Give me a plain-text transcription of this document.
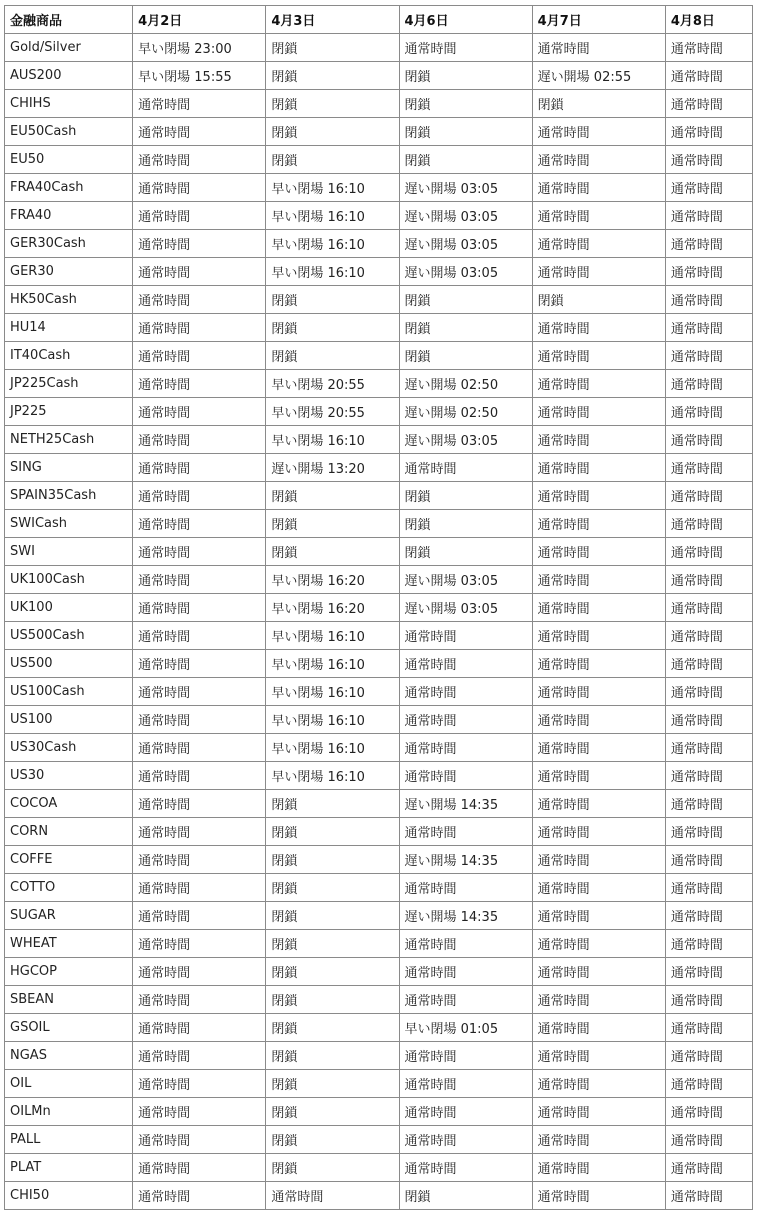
金融商品	4月2日	4月3日	4月6日	4月7日	4月8日
Gold/Silver	早い閉場 23:00	閉鎖	通常時間	通常時間	通常時間
AUS200	早い閉場 15:55	閉鎖	閉鎖	遅い開場 02:55	通常時間
CHIHS	通常時間	閉鎖	閉鎖	閉鎖	通常時間
EU50Cash	通常時間	閉鎖	閉鎖	通常時間	通常時間
EU50	通常時間	閉鎖	閉鎖	通常時間	通常時間
FRA40Cash	通常時間	早い閉場 16:10	遅い開場 03:05	通常時間	通常時間
FRA40	通常時間	早い閉場 16:10	遅い開場 03:05	通常時間	通常時間
GER30Cash	通常時間	早い閉場 16:10	遅い開場 03:05	通常時間	通常時間
GER30	通常時間	早い閉場 16:10	遅い開場 03:05	通常時間	通常時間
HK50Cash	通常時間	閉鎖	閉鎖	閉鎖	通常時間
HU14	通常時間	閉鎖	閉鎖	通常時間	通常時間
IT40Cash	通常時間	閉鎖	閉鎖	通常時間	通常時間
JP225Cash	通常時間	早い閉場 20:55	遅い開場 02:50	通常時間	通常時間
JP225	通常時間	早い閉場 20:55	遅い開場 02:50	通常時間	通常時間
NETH25Cash	通常時間	早い閉場 16:10	遅い開場 03:05	通常時間	通常時間
SING	通常時間	遅い開場 13:20	通常時間	通常時間	通常時間
SPAIN35Cash	通常時間	閉鎖	閉鎖	通常時間	通常時間
SWICash	通常時間	閉鎖	閉鎖	通常時間	通常時間
SWI	通常時間	閉鎖	閉鎖	通常時間	通常時間
UK100Cash	通常時間	早い閉場 16:20	遅い開場 03:05	通常時間	通常時間
UK100	通常時間	早い閉場 16:20	遅い開場 03:05	通常時間	通常時間
US500Cash	通常時間	早い閉場 16:10	通常時間	通常時間	通常時間
US500	通常時間	早い閉場 16:10	通常時間	通常時間	通常時間
US100Cash	通常時間	早い閉場 16:10	通常時間	通常時間	通常時間
US100	通常時間	早い閉場 16:10	通常時間	通常時間	通常時間
US30Cash	通常時間	早い閉場 16:10	通常時間	通常時間	通常時間
US30	通常時間	早い閉場 16:10	通常時間	通常時間	通常時間
COCOA	通常時間	閉鎖	遅い開場 14:35	通常時間	通常時間
CORN	通常時間	閉鎖	通常時間	通常時間	通常時間
COFFE	通常時間	閉鎖	遅い開場 14:35	通常時間	通常時間
COTTO	通常時間	閉鎖	通常時間	通常時間	通常時間
SUGAR	通常時間	閉鎖	遅い開場 14:35	通常時間	通常時間
WHEAT	通常時間	閉鎖	通常時間	通常時間	通常時間
HGCOP	通常時間	閉鎖	通常時間	通常時間	通常時間
SBEAN	通常時間	閉鎖	通常時間	通常時間	通常時間
GSOIL	通常時間	閉鎖	早い閉場 01:05	通常時間	通常時間
NGAS	通常時間	閉鎖	通常時間	通常時間	通常時間
OIL	通常時間	閉鎖	通常時間	通常時間	通常時間
OILMn	通常時間	閉鎖	通常時間	通常時間	通常時間
PALL	通常時間	閉鎖	通常時間	通常時間	通常時間
PLAT	通常時間	閉鎖	通常時間	通常時間	通常時間
CHI50	通常時間	通常時間	閉鎖	通常時間	通常時間
